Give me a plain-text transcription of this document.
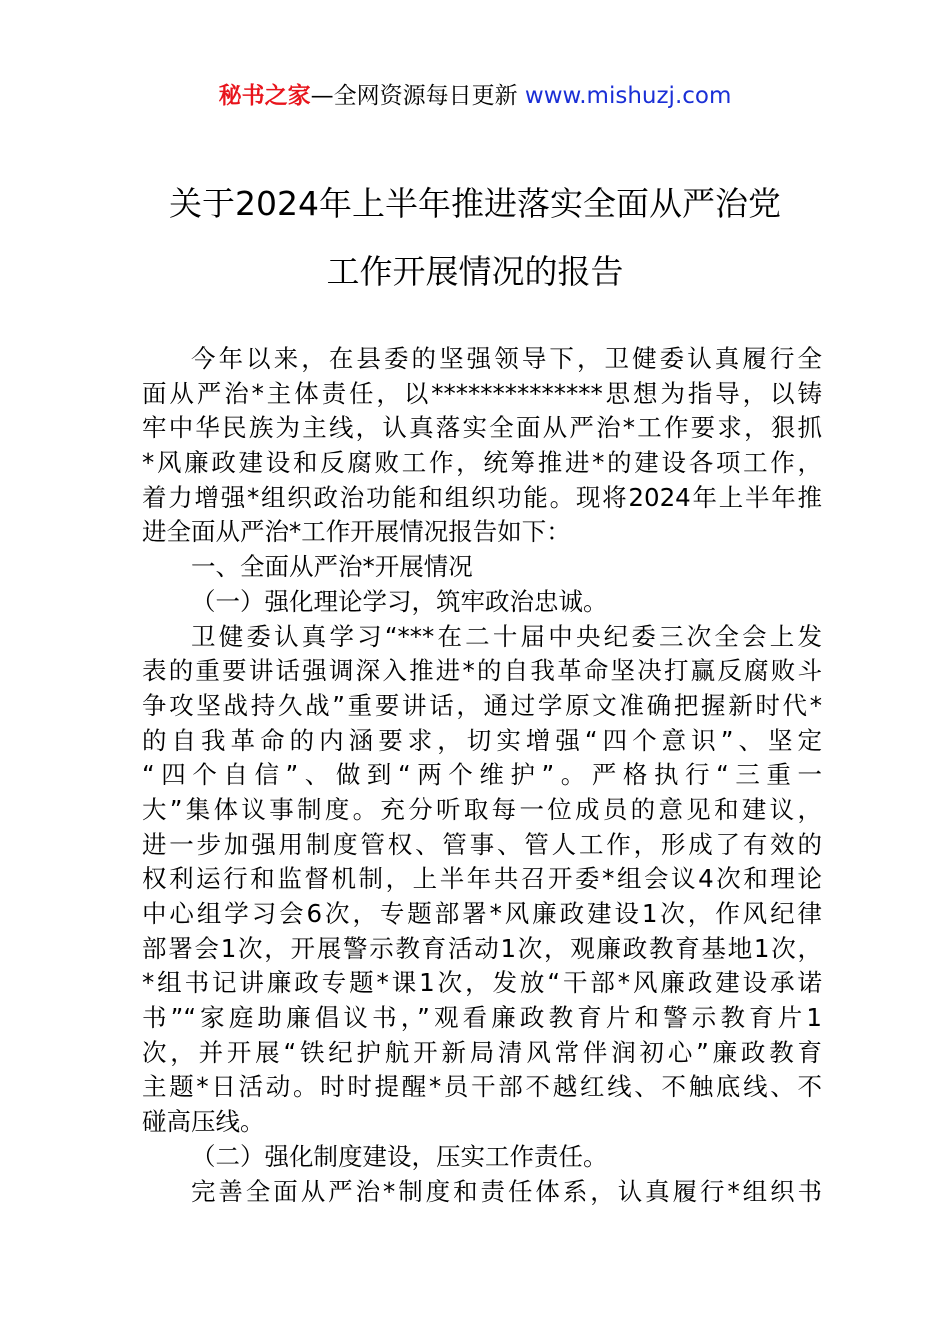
秘书之家—全网资源每日更新 www.mishuzj.com
关于2024年上半年推进落实全面从严治党
工作开展情况的报告
今年以来，在县委的坚强领导下，卫健委认真履行全
面从严治*主体责任，以**************思想为指导，以铸
牢中华民族为主线，认真落实全面从严治*工作要求，狠抓
*风廉政建设和反腐败工作，统筹推进*的建设各项工作，
着力增强*组织政治功能和组织功能。现将2024年上半年推
进全面从严治*工作开展情况报告如下：
一、全面从严治*开展情况
（一）强化理论学习，筑牢政治忠诚。
卫健委认真学习“***在二十届中央纪委三次全会上发
表的重要讲话强调深入推进*的自我革命坚决打赢反腐败斗
争攻坚战持久战”重要讲话，通过学原文准确把握新时代*
的自我革命的内涵要求，切实增强“四个意识”、坚定
“四个自信”、做到“两个维护”。严格执行“三重一
大”集体议事制度。充分听取每一位成员的意见和建议，
进一步加强用制度管权、管事、管人工作，形成了有效的
权利运行和监督机制，上半年共召开委*组会议4次和理论
中心组学习会6次，专题部署*风廉政建设1次，作风纪律
部署会1次，开展警示教育活动1次，观廉政教育基地1次，
*组书记讲廉政专题*课1次，发放“干部*风廉政建设承诺
书”“家庭助廉倡议书，”观看廉政教育片和警示教育片1
次，并开展“铁纪护航开新局清风常伴润初心”廉政教育
主题*日活动。时时提醒*员干部不越红线、不触底线、不
碰高压线。
（二）强化制度建设，压实工作责任。
完善全面从严治*制度和责任体系，认真履行*组织书
